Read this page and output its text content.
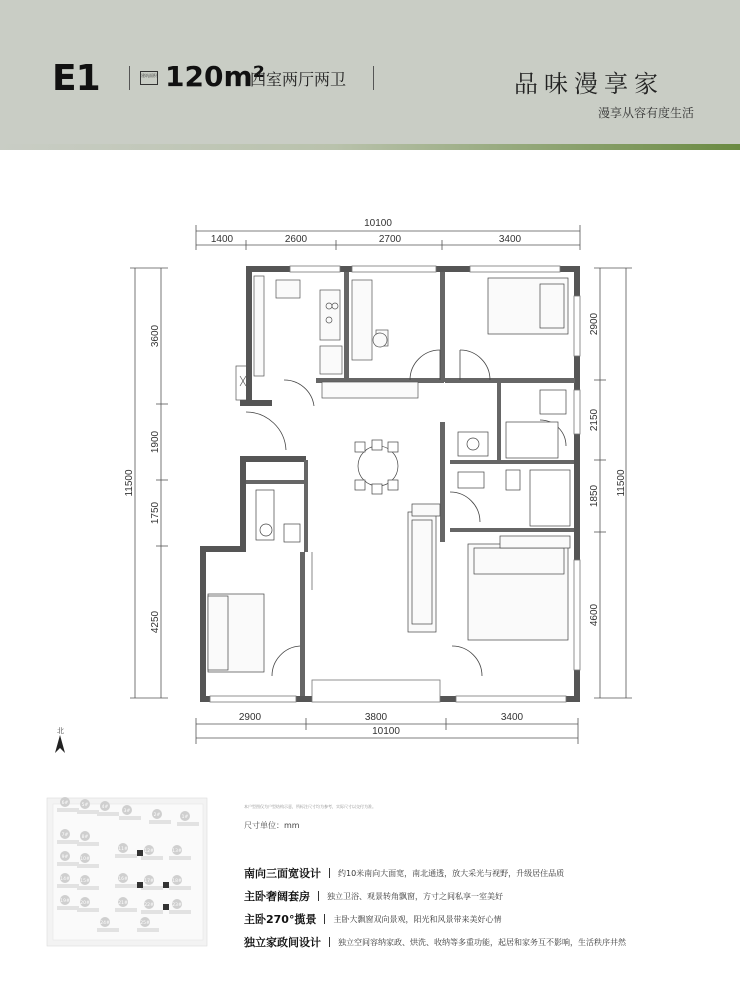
E1	建筑面积 120m²
四室两厅两卫	品味漫享家
漫享从容有度生活
10100
1400	2600	2700	3400
2900	3800	3400
10100
11500
3600
1900
1750
4250
2900
2150
1850
4600
11500
北
6#	5#	4#
3#
2#	1#
7#	8#
9#	10#
11#	12#	13#
14# 15#	16#	17#	18#
19# 20#	21#	22#	23#
24#	25#
本户型图仅为户型结构示意，所标注尺寸均为参考，实际尺寸以交付为准。
尺寸单位：mm
南向三面宽设计 约10米南向大面宽，南北通透，放大采光与视野，升级居住品质
主卧奢阔套房 独立卫浴、观景转角飘窗，方寸之间私享一室美好
主卧270°揽景 主卧大飘窗双向景观，阳光和风景带来美好心情
独立家政间设计 独立空间容纳家政、烘洗、收纳等多重功能，起居和家务互不影响，生活秩序井然
